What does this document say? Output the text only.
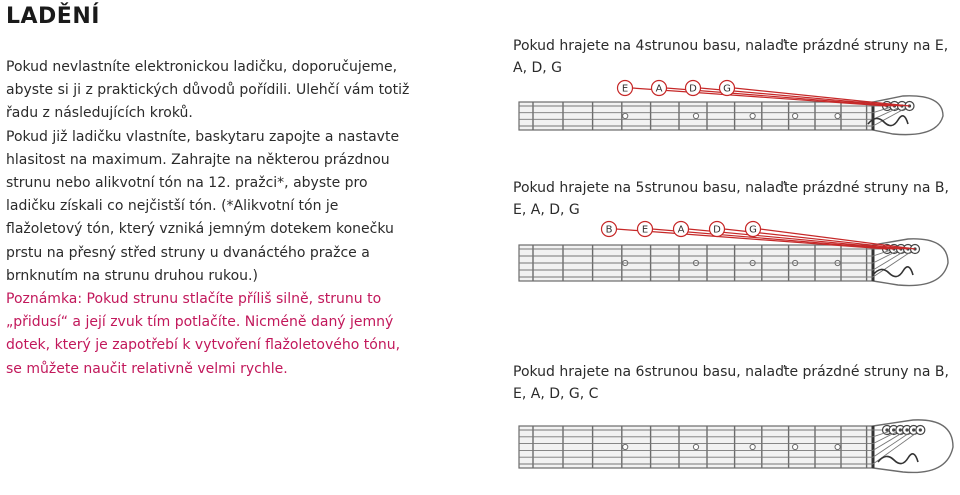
LADĚNÍ

Pokud nevlastníte elektronickou ladičku, doporučujeme, abyste si ji z praktických důvodů pořídili. Ulehčí vám totiž řadu z následujících kroků.

Pokud již ladičku vlastníte, baskytaru zapojte a nastavte hlasitost na maximum. Zahrajte na některou prázdnou strunu nebo alikvotní tón na 12. pražci*, abyste pro ladičku získali co nejčistší tón. (*Alikvotní tón je flažoletový tón, který vzniká jemným dotekem konečku prstu na přesný střed struny u dvanáctého pražce a brnknutím na strunu druhou rukou.)

Poznámka: Pokud strunu stlačíte příliš silně, strunu to „přidusí“ a její zvuk tím potlačíte. Nicméně daný jemný dotek, který je zapotřebí k vytvoření flažoletového tónu, se můžete naučit relativně velmi rychle.

Pokud hrajete na 4strunou basu, nalaďte prázdné struny na E, A, D, G
E	A	D	G
Pokud hrajete na 5strunou basu, nalaďte prázdné struny na B, E, A, D, G
B	E	A	D	G
Pokud hrajete na 6strunou basu, nalaďte prázdné struny na B, E, A, D, G, C
